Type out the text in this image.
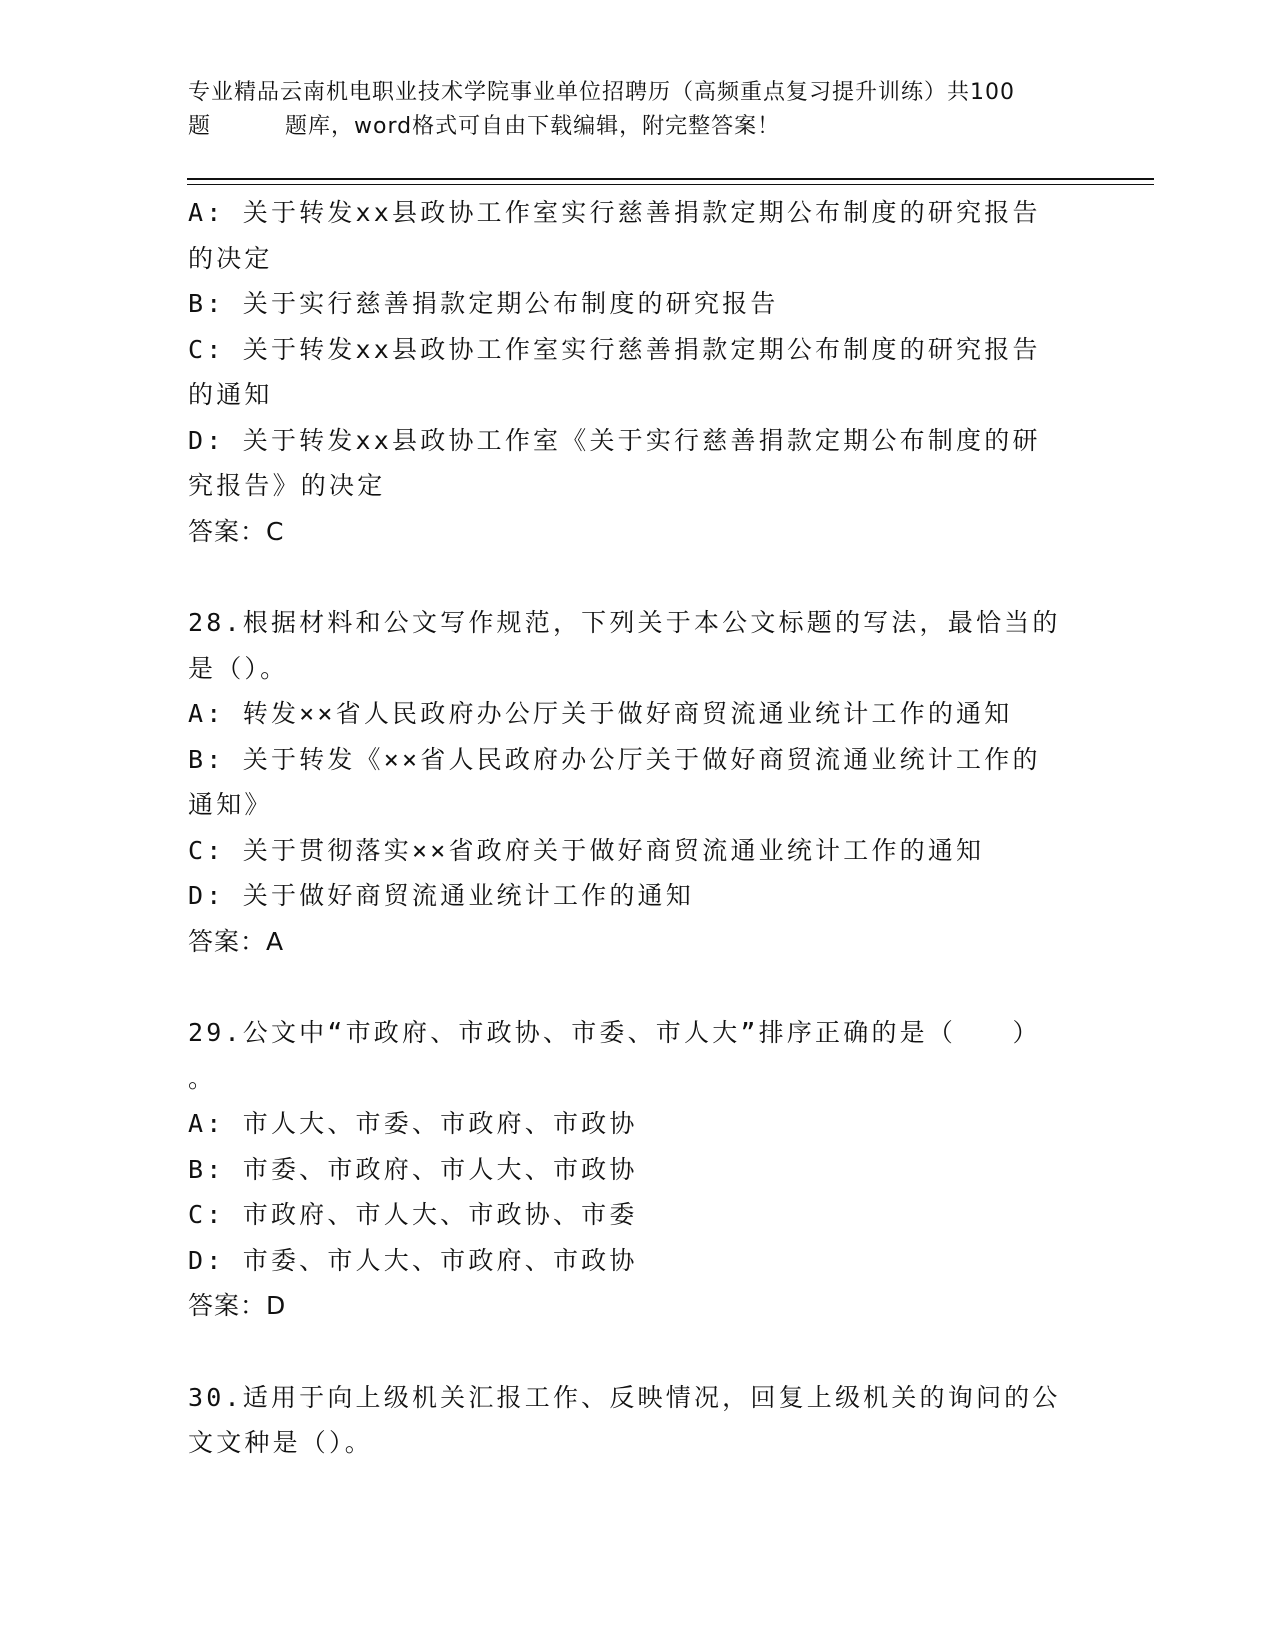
专业精品云南机电职业技术学院事业单位招聘历（高频重点复习提升训练）共100
题	题库，word格式可自由下载编辑，附完整答案！

A: 关于转发xx县政协工作室实行慈善捐款定期公布制度的研究报告

的决定

B: 关于实行慈善捐款定期公布制度的研究报告

C: 关于转发xx县政协工作室实行慈善捐款定期公布制度的研究报告

的通知

D: 关于转发xx县政协工作室《关于实行慈善捐款定期公布制度的研

究报告》的决定

答案：C

28.根据材料和公文写作规范，下列关于本公文标题的写法，最恰当的

是（）。

A: 转发××省人民政府办公厅关于做好商贸流通业统计工作的通知

B: 关于转发《××省人民政府办公厅关于做好商贸流通业统计工作的

通知》

C: 关于贯彻落实××省政府关于做好商贸流通业统计工作的通知

D: 关于做好商贸流通业统计工作的通知

答案：A

29.公文中“市政府、市政协、市委、市人大”排序正确的是（　　）

。

A: 市人大、市委、市政府、市政协

B: 市委、市政府、市人大、市政协

C: 市政府、市人大、市政协、市委

D: 市委、市人大、市政府、市政协

答案：D

30.适用于向上级机关汇报工作、反映情况，回复上级机关的询问的公

文文种是（）。
